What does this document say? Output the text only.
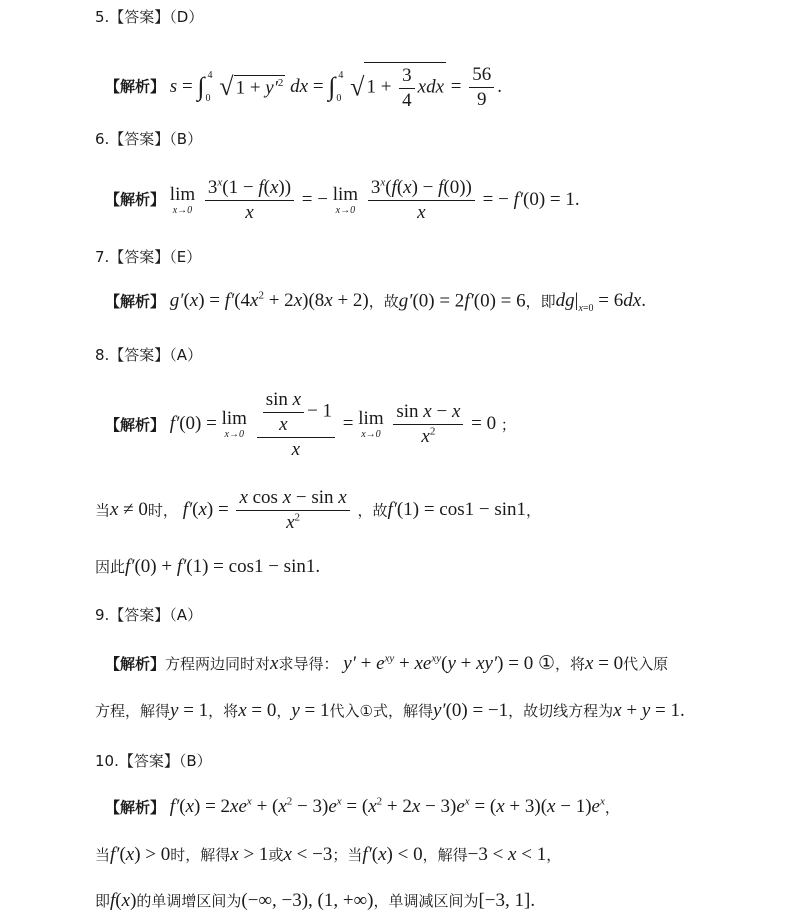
5.【答案】（D）
【解析】 s = ∫ 4
0 √ $1 + y'^2$ dx = ∫ 4
0 √ $1 + \frac{3}{4}$ xdx = $\frac{56}{9}$ .
6.【答案】（B）
【解析】 lim
x→0
$\frac{3^x(1 - f(x))}{x}$ = − lim
x→0
$\frac{3^x(f(x) - f(0))}{x}$ = − f′(0) = 1.
7.【答案】（E）
【解析】 $g'(x) = f'(4x^2 + 2x)(8x + 2)$，故g′(0) = 2f′(0) = 6，即$dg|_{x=0} = 6dx$.
8.【答案】（A）
【解析】 f′(0) = lim
x→0
$\frac{\frac{\text{sin x}}{x} - 1}{x} = \lim$
x→0
$\frac{\text{sin x − x}}{x^2} = 0$ ；
当x ≠ 0时， $f'(x) = \frac{\text{x cos x − sin x}}{x^2}$ ，故f′(1) = cos1 − sin1，
因此f′(0) + f′(1) = cos1 − sin1.
9.【答案】（A）
【解析】方程两边同时对x求导得： $y' + e^{xy} + xe^{xy}(y + xy') = 0$ ①，将x = 0代入原
方程，解得y = 1，将x = 0，y = 1代入①式，解得y′(0) = −1，故切线方程为x + y = 1.
10.【答案】（B）
【解析】 $f'(x) = 2xe^x + (x^2 - 3)e^x = (x^2 + 2x - 3)e^x = (x + 3)(x - 1)e^x$，
当f′(x) > 0时，解得x > 1或x < −3；当f′(x) < 0，解得−3 < x < 1，
即f(x)的单调增区间为(−∞, −3), (1, +∞)，单调减区间为[−3, 1].
